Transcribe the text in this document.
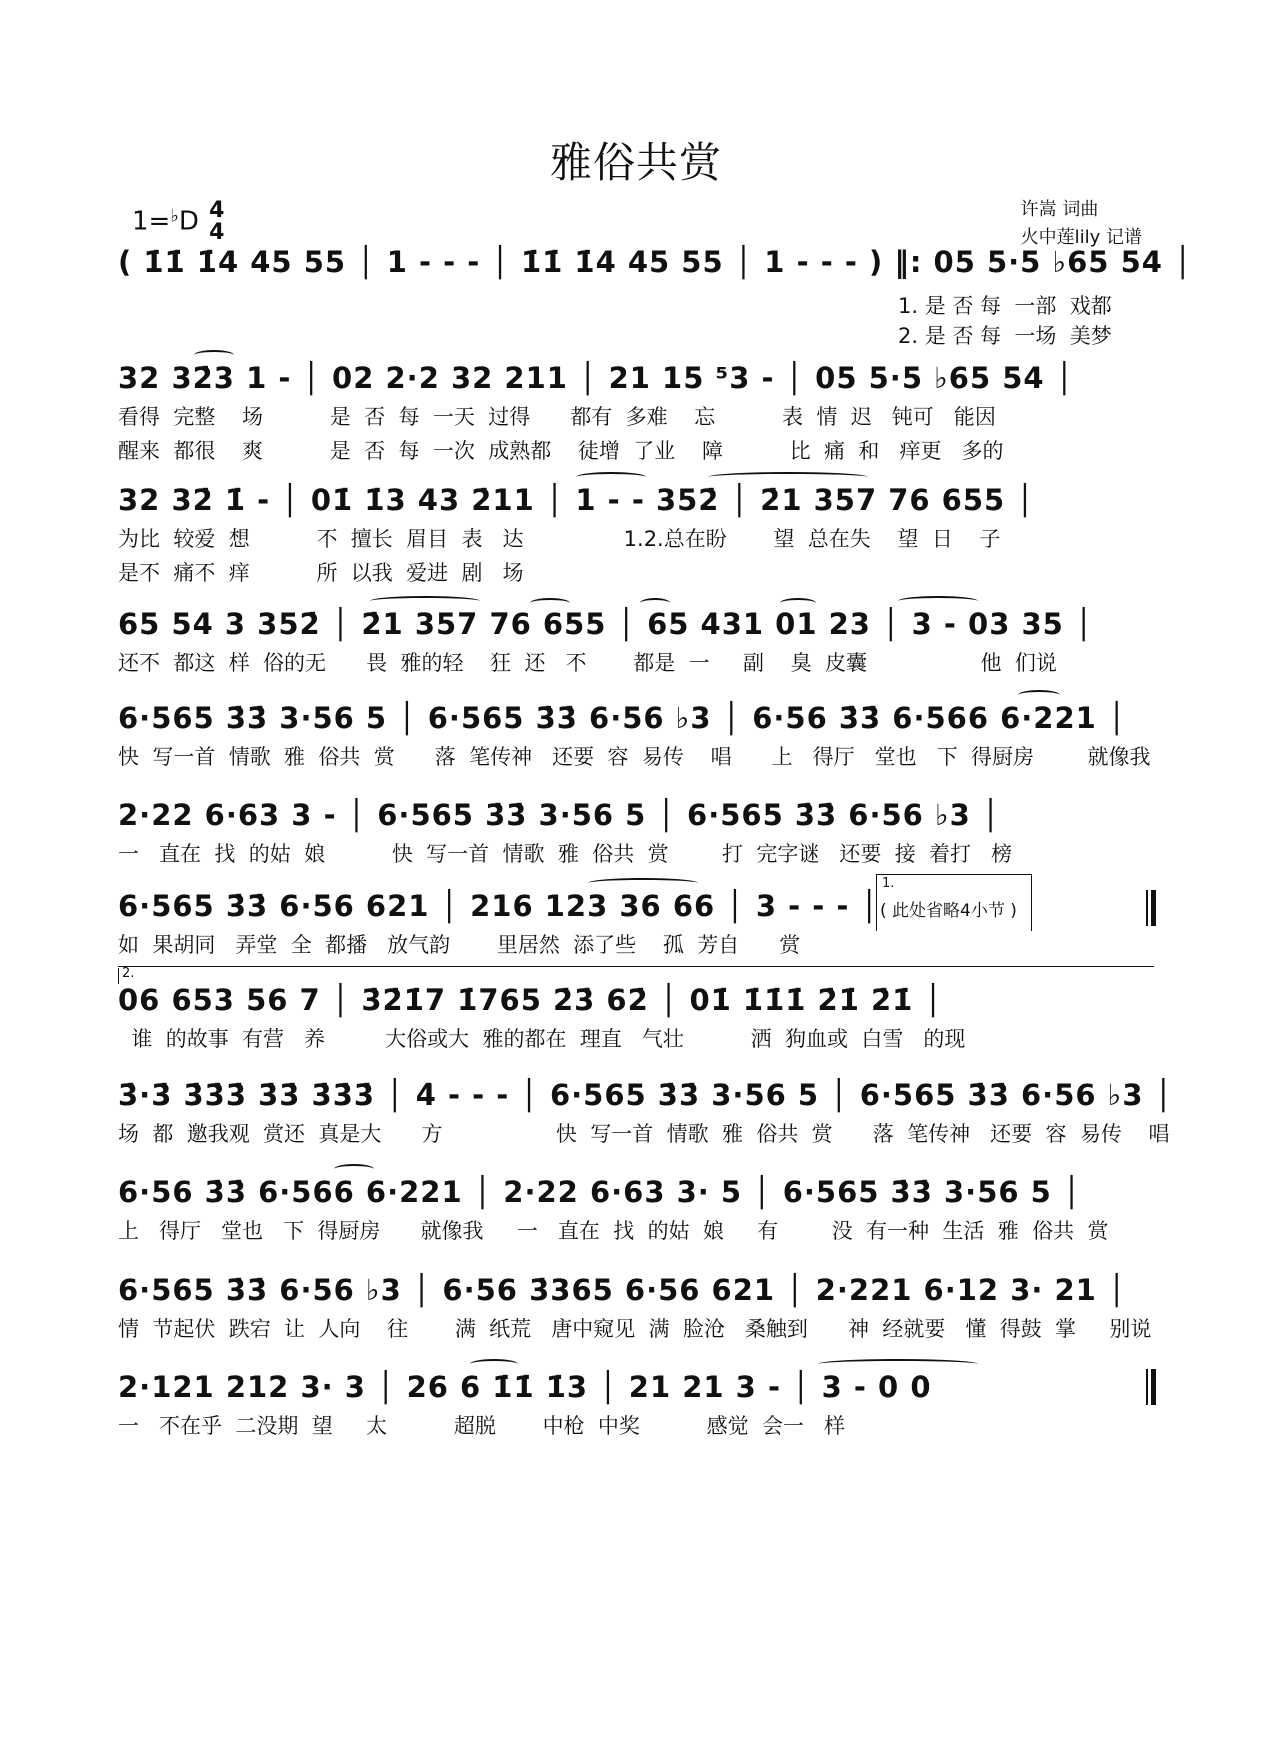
雅俗共赏
1=♭D 4
4
许嵩 词曲
火中莲lily 记谱
( 1̇1̇ 1̇4 45 55 │ 1 - - - │ 1̇1̇ 1̇4 45 55 │ 1 - - - ) ‖: 05 5·5 ♭65 54 │
1. 是 否 每  一部  戏都
2. 是 否 每  一场  美梦
32 32̇3 1 - │ 02 2·2 32 211 │ 21 15 ⁵3 - │ 05 5·5 ♭65 54 │
看得  完整    场          是  否  每  一天  过得      都有  多难    忘          表  情  迟   钝可   能因
醒来  都很    爽          是  否  每  一次  成熟都    徒增  了业    障          比  痛  和   痒更   多的
32 32̇ 1̇ - │ 01̇ 1̇3 43 2̇11 │ 1 - - 352̇ │ 2̇1 357 76 655 │
为比  较爱  想          不  擅长  眉目  表   达               1.2.总在盼       望  总在失    望  日    子
是不  痛不  痒          所  以我  爱进  剧   场
65 54 3 352̇ │ 2̇1 357 76 655 │ 65 431 01 23 │ 3 - 03 35 │
还不  都这  样  俗的无      畏  雅的轻    狂  还   不       都是  一     副    臭  皮囊                 他  们说
6·565 3̇3̇ 3·56 5 │ 6·565 3̇3̇ 6·56 ♭3 │ 6·56 3̇3̇ 6·566 6·221 │
快  写一首  情歌  雅  俗共  赏      落  笔传神   还要  容  易传    唱      上   得厅   堂也   下  得厨房        就像我
2·22 6·63 3 - │ 6·565 3̇3̇ 3·56 5 │ 6·565 3̇3̇ 6·56 ♭3 │
一   直在  找  的姑  娘          快  写一首  情歌  雅  俗共  赏        打  完字谜   还要  接  着打   榜
6·565 3̇3̇ 6·56 621 │ 216 123 36 66 │ 3 - - - │
1.
( 此处省略4小节 )
如  果胡同   弄堂  全  都播   放气韵       里居然  添了些    孤  芳自      赏
2.
06 653 56 7 │ 3̇2̇1̇7 1̇765 2̇3̇ 62̇ │ 01̇ 1̇1̇1̇ 2̇1̇ 2̇1̇ │
谁  的故事  有营   养         大俗或大  雅的都在  理直   气壮          洒  狗血或  白雪   的现
3̇·3̇ 3̇3̇3̇ 3̇3̇ 3̇3̇3̇ │ 4̇ - - - │ 6·565 3̇3̇ 3·56 5 │ 6·565 3̇3̇ 6·56 ♭3 │
场  都  邀我观  赏还  真是大      方                 快  写一首  情歌  雅  俗共  赏      落  笔传神   还要  容  易传    唱
6·56 3̇3̇ 6·566 6·221 │ 2·22 6·63 3· 5 │ 6·565 3̇3̇ 3·56 5 │
上   得厅   堂也   下  得厨房      就像我     一   直在  找  的姑  娘     有        没  有一种  生活  雅  俗共  赏
6·565 3̇3̇ 6·56 ♭3 │ 6·56 3̇365 6·56 621 │ 2·221 6·12 3· 21 │
情  节起伏  跌宕  让  人向    往       满  纸荒   唐中窥见  满  脸沧   桑触到      神  经就要   懂  得鼓  掌     别说
2·121 212 3· 3 │ 26 6 1̇1̇ 1̇3 │ 21 21 3 - │ 3 - 0 0
一   不在乎  二没期  望     太          超脱       中枪  中奖          感觉  会一   样
